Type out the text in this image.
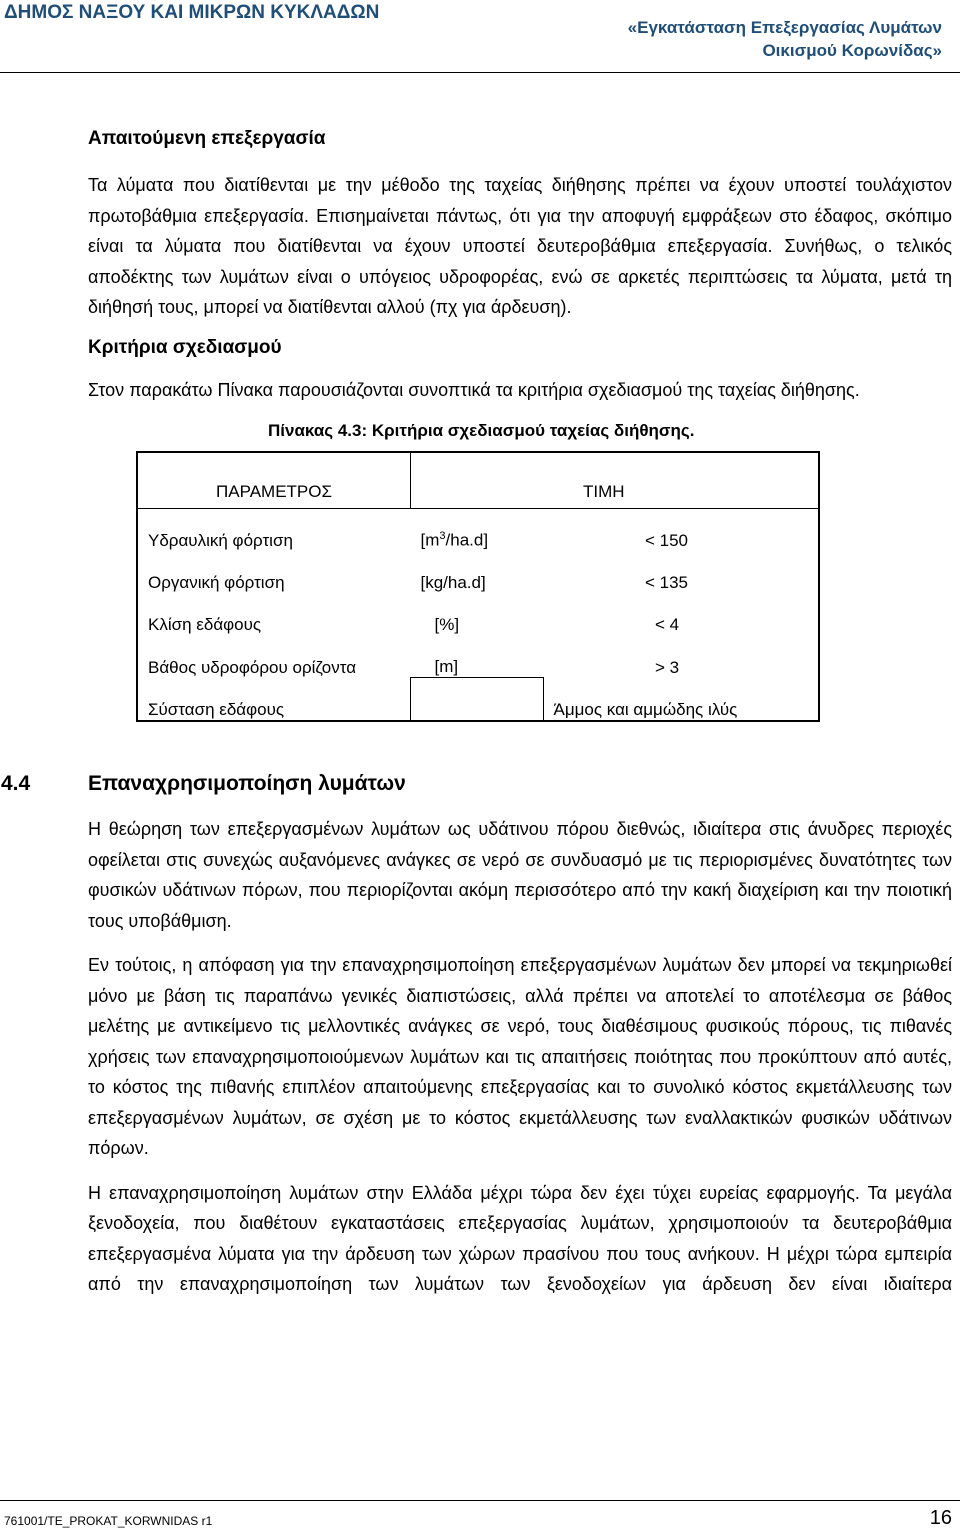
ΔΗΜΟΣ ΝΑΞΟΥ ΚΑΙ ΜΙΚΡΩΝ ΚΥΚΛΑΔΩΝ
«Εγκατάσταση Επεξεργασίας Λυμάτων
Οικισμού Κορωνίδας»
Απαιτούμενη επεξεργασία

Τα λύματα που διατίθενται με την μέθοδο της ταχείας διήθησης πρέπει να έχουν υποστεί τουλάχιστον πρωτοβάθμια επεξεργασία. Επισημαίνεται πάντως, ότι για την αποφυγή εμφράξεων στο έδαφος, σκόπιμο είναι τα λύματα που διατίθενται να έχουν υποστεί δευτεροβάθμια επεξεργασία. Συνήθως, ο τελικός αποδέκτης των λυμάτων είναι ο υπόγειος υδροφορέας, ενώ σε αρκετές περιπτώσεις τα λύματα, μετά τη διήθησή τους, μπορεί να διατίθενται αλλού (πχ για άρδευση).

Κριτήρια σχεδιασμού

Στον παρακάτω Πίνακα παρουσιάζονται συνοπτικά τα κριτήρια σχεδιασμού της ταχείας διήθησης.

Πίνακας 4.3: Κριτήρια σχεδιασμού ταχείας διήθησης.
ΠΑΡΑΜΕΤΡΟΣ		ΤΙΜΗ
Υδραυλική φόρτιση	$[m^3/ha.d]$	< 150
Οργανική φόρτιση	[kg/ha.d]	< 135
Κλίση εδάφους	[%]	< 4
Βάθος υδροφόρου ορίζοντα	[m]	> 3
Σύσταση εδάφους		Άμμος και αμμώδης ιλύς
4.4	Επαναχρησιμοποίηση λυμάτων

Η θεώρηση των επεξεργασμένων λυμάτων ως υδάτινου πόρου διεθνώς, ιδιαίτερα στις άνυδρες περιοχές οφείλεται στις συνεχώς αυξανόμενες ανάγκες σε νερό σε συνδυασμό με τις περιορισμένες δυνατότητες των φυσικών υδάτινων πόρων, που περιορίζονται ακόμη περισσότερο από την κακή διαχείριση και την ποιοτική τους υποβάθμιση.

Εν τούτοις, η απόφαση για την επαναχρησιμοποίηση επεξεργασμένων λυμάτων δεν μπορεί να τεκμηριωθεί μόνο με βάση τις παραπάνω γενικές διαπιστώσεις, αλλά πρέπει να αποτελεί το αποτέλεσμα σε βάθος μελέτης με αντικείμενο τις μελλοντικές ανάγκες σε νερό, τους διαθέσιμους φυσικούς πόρους, τις πιθανές χρήσεις των επαναχρησιμοποιούμενων λυμάτων και τις απαιτήσεις ποιότητας που προκύπτουν από αυτές, το κόστος της πιθανής επιπλέον απαιτούμενης επεξεργασίας και το συνολικό κόστος εκμετάλλευσης των επεξεργασμένων λυμάτων, σε σχέση με το κόστος εκμετάλλευσης των εναλλακτικών φυσικών υδάτινων πόρων.

Η επαναχρησιμοποίηση λυμάτων στην Ελλάδα μέχρι τώρα δεν έχει τύχει ευρείας εφαρμογής. Τα μεγάλα ξενοδοχεία, που διαθέτουν εγκαταστάσεις επεξεργασίας λυμάτων, χρησιμοποιούν τα δευτεροβάθμια επεξεργασμένα λύματα για την άρδευση των χώρων πρασίνου που τους ανήκουν. Η μέχρι τώρα εμπειρία από την επαναχρησιμοποίηση των λυμάτων των ξενοδοχείων για άρδευση δεν είναι ιδιαίτερα

761001/TE_PROKAT_KORWNIDAS r1	16
